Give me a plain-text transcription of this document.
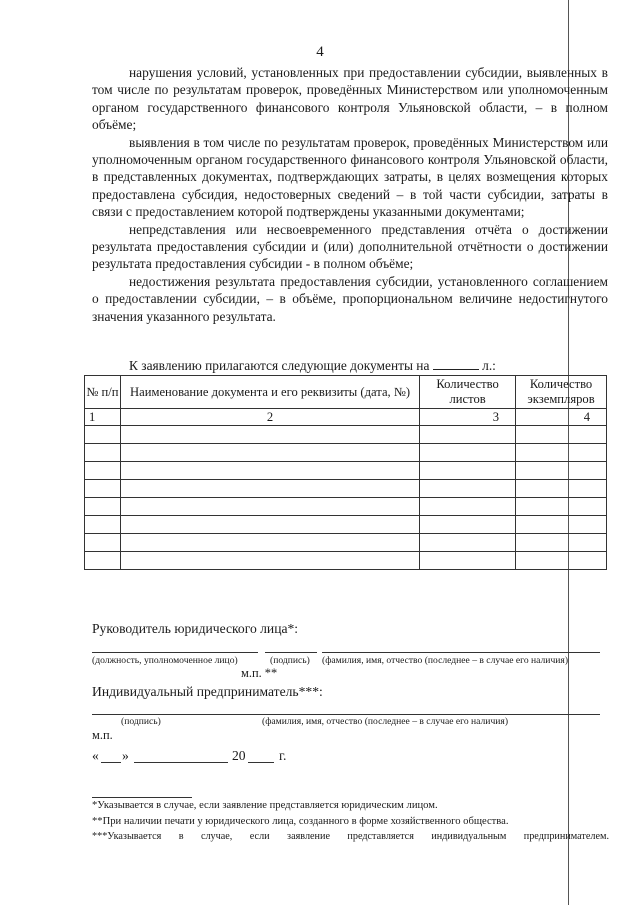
4

нарушения условий, установленных при предоставлении субсидии, выявленных в том числе по результатам проверок, проведённых Министерством или уполномоченным органом государственного финансового контроля Ульяновской области, – в полном объёме;

выявления в том числе по результатам проверок, проведённых Министерством или уполномоченным органом государственного финансового контроля Ульяновской области, в представленных документах, подтверждающих затраты, в целях возмещения которых предоставлена субсидия, недостоверных сведений – в той части субсидии, затраты в связи с предоставлением которой подтверждены указанными документами;

непредставления или несвоевременного представления отчёта о достижении результата предоставления субсидии и (или) дополнительной отчётности о достижении результата предоставления субсидии - в полном объёме;

недостижения результата предоставления субсидии, установленного соглашением о предоставлении субсидии, – в объёме, пропорциональном величине недостигнутого значения указанного результата.

К заявлению прилагаются следующие документы на	л.:
№ п/п	Наименование документа и его реквизиты (дата, №)	Количество листов	Количество экземпляров
1	2	3	4

Руководитель юридического лица*:
(должность, уполномоченное лицо)	(подпись) (фамилия, имя, отчество (последнее – в случае его наличия)
м.п. **
Индивидуальный предприниматель***:
(подпись)	(фамилия, имя, отчество (последнее – в случае его наличия)
м.п.
« »	20 г.
*Указывается в случае, если заявление представляется юридическим лицом.
**При наличии печати у юридического лица, созданного в форме хозяйственного общества.
***Указывается в случае, если заявление представляется индивидуальным предпринимателем.
